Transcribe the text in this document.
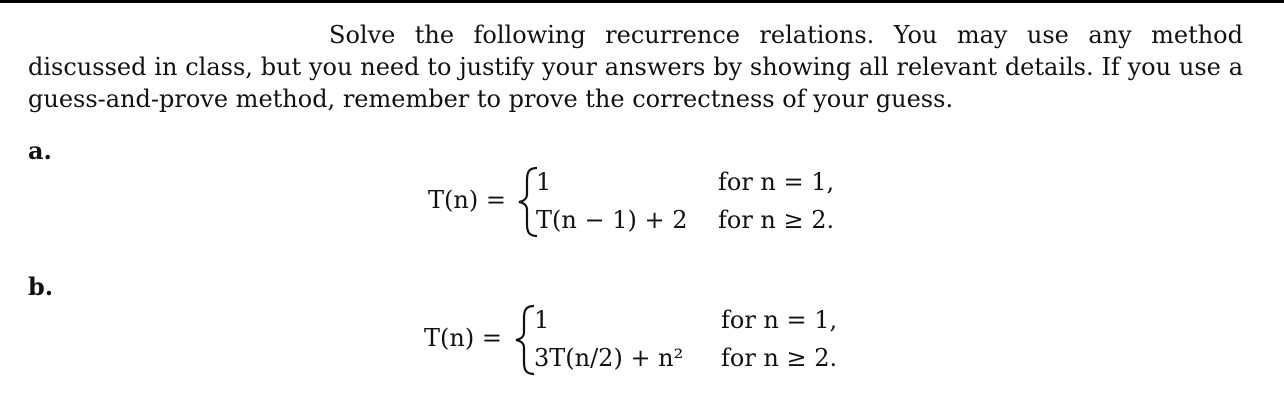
Solve the following recurrence relations. You may use any method discussed in class, but you need to justify your answers by showing all relevant details. If you use a guess-and-prove method, remember to prove the correctness of your guess.
a.
T(n) =
1	for n = 1,
T(n − 1) + 2 for n ≥ 2.
b.
T(n) =
1	for n = 1,
3T(n/2) + n² for n ≥ 2.
